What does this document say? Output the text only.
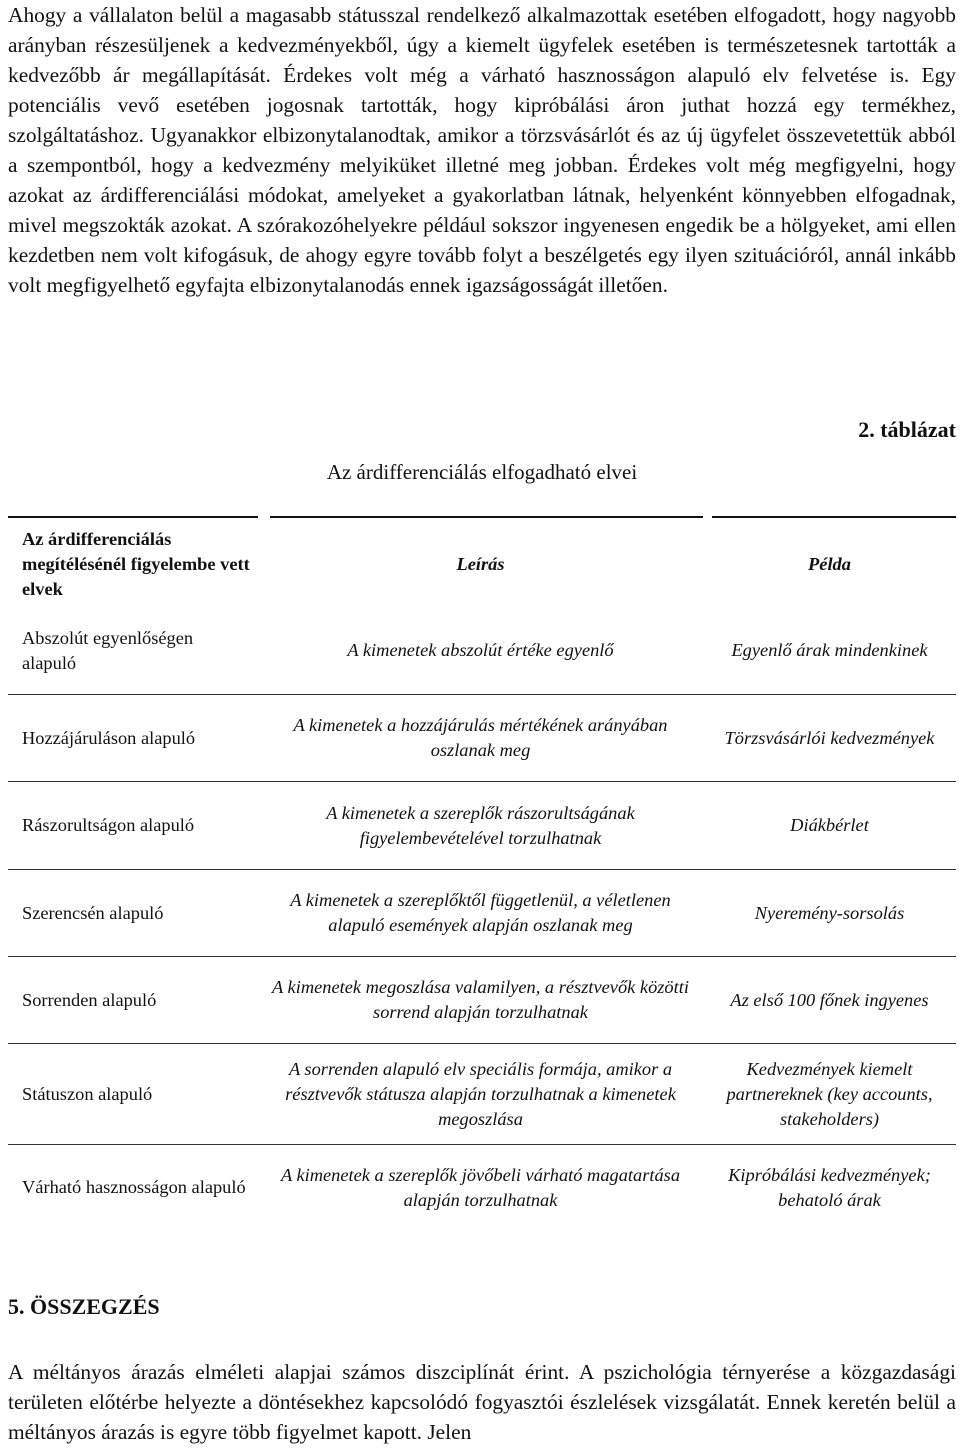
Ahogy a vállalaton belül a magasabb státusszal rendelkező alkalmazottak esetében elfogadott, hogy nagyobb arányban részesüljenek a kedvezményekből, úgy a kiemelt ügyfelek esetében is természetesnek tartották a kedvezőbb ár megállapítását. Érdekes volt még a várható hasznosságon alapuló elv felvetése is. Egy potenciális vevő esetében jogosnak tartották, hogy kipróbálási áron juthat hozzá egy termékhez, szolgáltatáshoz. Ugyanakkor elbizonytalanodtak, amikor a törzsvásárlót és az új ügyfelet összevetettük abból a szempontból, hogy a kedvezmény melyiküket illetné meg jobban. Érdekes volt még megfigyelni, hogy azokat az árdifferenciálási módokat, amelyeket a gyakorlatban látnak, helyenként könnyebben elfogadnak, mivel megszokták azokat. A szórakozóhelyekre például sokszor ingyenesen engedik be a hölgyeket, ami ellen kezdetben nem volt kifogásuk, de ahogy egyre tovább folyt a beszélgetés egy ilyen szituációról, annál inkább volt megfigyelhető egyfajta elbizonytalanodás ennek igazságosságát illetően.

2. táblázat
Az árdifferenciálás elfogadható elvei
Az árdifferenciálás megítélésénél figyelembe vett elvek
Leírás	Példa
Abszolút egyenlőségen alapuló
A kimenetek abszolút értéke egyenlő	Egyenlő árak mindenkinek
Hozzájáruláson alapuló
A kimenetek a hozzájárulás mértékének arányában oszlanak meg
Törzsvásárlói kedvezmények
Rászorultságon alapuló
A kimenetek a szereplők rászorultságának figyelembevételével torzulhatnak
Diákbérlet
Szerencsén alapuló
A kimenetek a szereplőktől függetlenül, a véletlenen alapuló események alapján oszlanak meg
Nyeremény-sorsolás
Sorrenden alapuló
A kimenetek megoszlása valamilyen, a résztvevők közötti sorrend alapján torzulhatnak
Az első 100 főnek ingyenes
Státuszon alapuló
A sorrenden alapuló elv speciális formája, amikor a résztvevők státusza alapján torzulhatnak a kimenetek megoszlása
Kedvezmények kiemelt partnereknek (key accounts, stakeholders)
Várható hasznosságon alapuló
A kimenetek a szereplők jövőbeli várható magatartása alapján torzulhatnak
Kipróbálási kedvezmények; behatoló árak
5. ÖSSZEGZÉS

A méltányos árazás elméleti alapjai számos diszciplínát érint. A pszichológia térnyerése a közgazdasági területen előtérbe helyezte a döntésekhez kapcsolódó fogyasztói észlelések vizsgálatát. Ennek keretén belül a méltányos árazás is egyre több figyelmet kapott. Jelen
